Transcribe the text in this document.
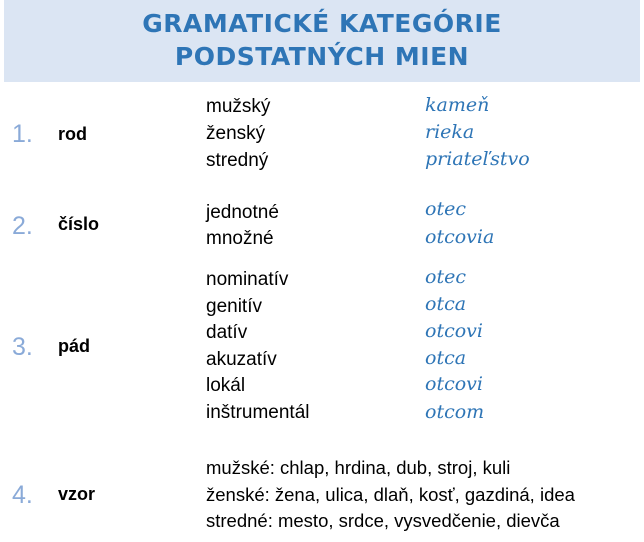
GRAMATICKÉ KATEGÓRIE

PODSTATNÝCH MIEN

1. rod
mužský
ženský
stredný
kameň
rieka
priateľstvo
2. číslo
jednotné
množné
otec
otcovia
3. pád
nominatív
genitív
datív
akuzatív
lokál
inštrumentál
otec
otca
otcovi
otca
otcovi
otcom
4. vzor
mužské: chlap, hrdina, dub, stroj, kuli
ženské: žena, ulica, dlaň, kosť, gazdiná, idea
stredné: mesto, srdce, vysvedčenie, dievča
